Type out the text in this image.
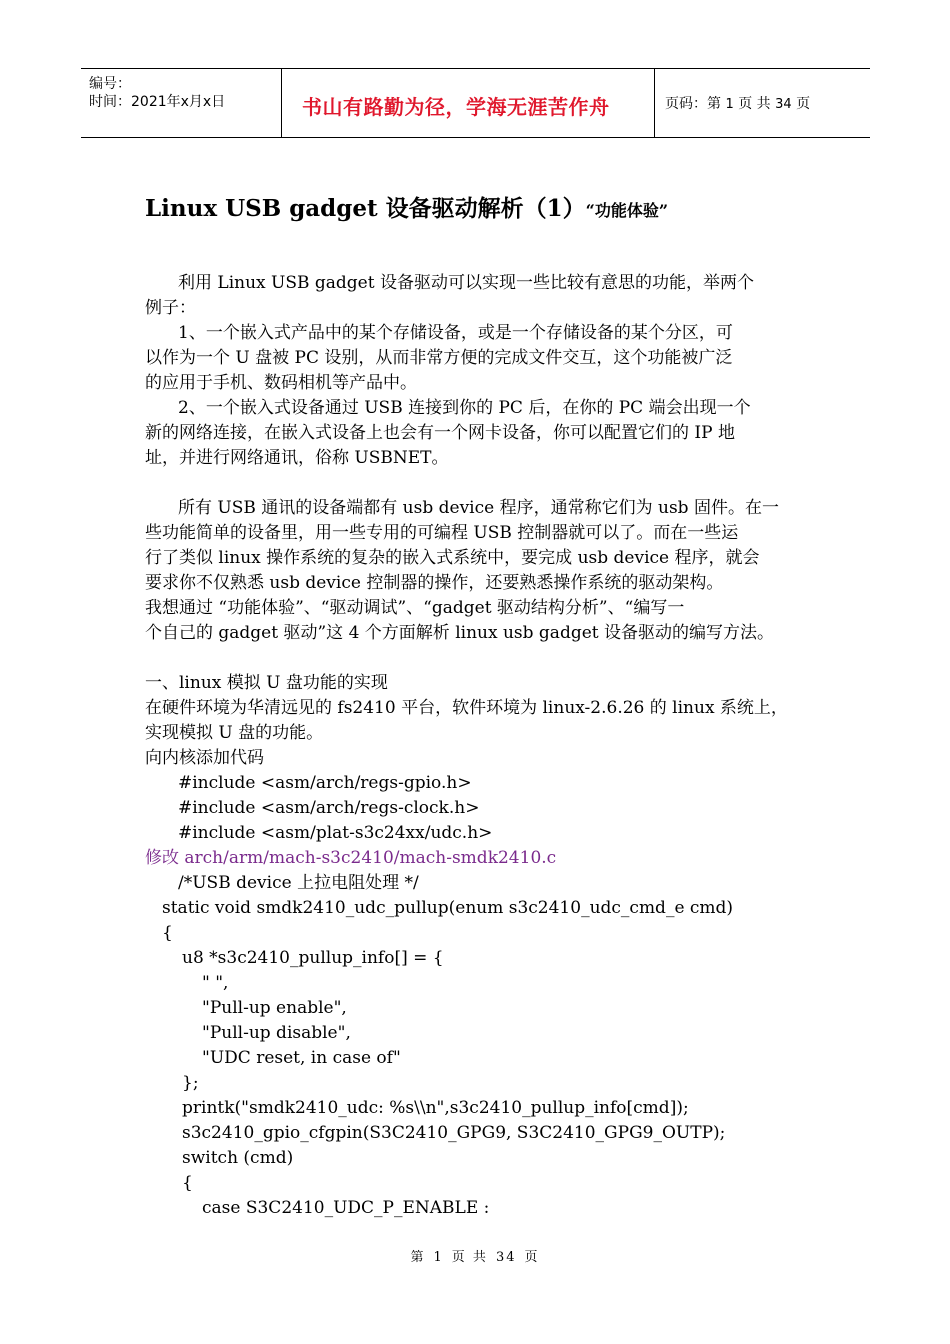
编号：
时间：2021年x月x日	书山有路勤为径，学海无涯苦作舟	页码：第 1 页 共 34 页
Linux USB gadget 设备驱动解析（1）“功能体验”
利用 Linux USB gadget 设备驱动可以实现一些比较有意思的功能，举两个
例子：
1、一个嵌入式产品中的某个存储设备，或是一个存储设备的某个分区，可
以作为一个 U 盘被 PC 设别，从而非常方便的完成文件交互，这个功能被广泛
的应用于手机、数码相机等产品中。
2、一个嵌入式设备通过 USB 连接到你的 PC 后，在你的 PC 端会出现一个
新的网络连接，在嵌入式设备上也会有一个网卡设备，你可以配置它们的 IP 地
址，并进行网络通讯，俗称 USBNET。
所有 USB 通讯的设备端都有 usb device 程序，通常称它们为 usb 固件。在一
些功能简单的设备里，用一些专用的可编程 USB 控制器就可以了。而在一些运
行了类似 linux 操作系统的复杂的嵌入式系统中，要完成 usb device 程序，就会
要求你不仅熟悉 usb device 控制器的操作，还要熟悉操作系统的驱动架构。
我想通过 “功能体验”、“驱动调试”、“gadget 驱动结构分析”、“编写一
个自己的 gadget 驱动”这 4 个方面解析 linux usb gadget 设备驱动的编写方法。
一、linux 模拟 U 盘功能的实现
在硬件环境为华清远见的 fs2410 平台，软件环境为 linux-2.6.26 的 linux 系统上，
实现模拟 U 盘的功能。
向内核添加代码
#include <asm/arch/regs-gpio.h>
#include <asm/arch/regs-clock.h>
#include <asm/plat-s3c24xx/udc.h>
修改 arch/arm/mach-s3c2410/mach-smdk2410.c
/*USB device 上拉电阻处理 */
static void smdk2410_udc_pullup(enum s3c2410_udc_cmd_e cmd)
{
u8 *s3c2410_pullup_info[] = {
" ",
"Pull-up enable",
"Pull-up disable",
"UDC reset, in case of"
};
printk("smdk2410_udc: %s\\n",s3c2410_pullup_info[cmd]);
s3c2410_gpio_cfgpin(S3C2410_GPG9, S3C2410_GPG9_OUTP);
switch (cmd)
{
case S3C2410_UDC_P_ENABLE :
第 1 页 共 34 页
